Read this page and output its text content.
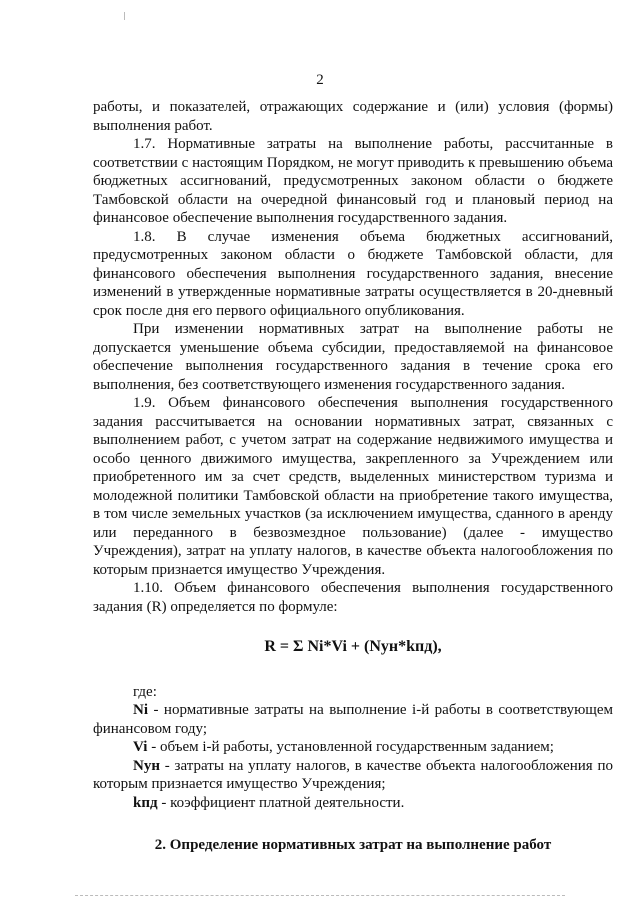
2

работы, и показателей, отражающих содержание и (или) условия (формы) выполнения работ.

1.7. Нормативные затраты на выполнение работы, рассчитанные в соответствии с настоящим Порядком, не могут приводить к превышению объема бюджетных ассигнований, предусмотренных законом области о бюджете Тамбовской области на очередной финансовый год и плановый период на финансовое обеспечение выполнения государственного задания.

1.8. В случае изменения объема бюджетных ассигнований, предусмотренных законом области о бюджете Тамбовской области, для финансового обеспечения выполнения государственного задания, внесение изменений в утвержденные нормативные затраты осуществляется в 20-дневный срок после дня его первого официального опубликования.

При изменении нормативных затрат на выполнение работы не допускается уменьшение объема субсидии, предоставляемой на финансовое обеспечение выполнения государственного задания в течение срока его выполнения, без соответствующего изменения государственного задания.

1.9. Объем финансового обеспечения выполнения государственного задания рассчитывается на основании нормативных затрат, связанных с выполнением работ, с учетом затрат на содержание недвижимого имущества и особо ценного движимого имущества, закрепленного за Учреждением или приобретенного им за счет средств, выделенных министерством туризма и молодежной политики Тамбовской области на приобретение такого имущества, в том числе земельных участков (за исключением имущества, сданного в аренду или переданного в безвозмездное пользование) (далее - имущество Учреждения), затрат на уплату налогов, в качестве объекта налогообложения по которым признается имущество Учреждения.

1.10. Объем финансового обеспечения выполнения государственного задания (R) определяется по формуле:

R = Σ Ni*Vi + (Nун*kпд),

где:

Ni - нормативные затраты на выполнение i-й работы в соответствующем финансовом году;

Vi - объем i-й работы, установленной государственным заданием;

Nун - затраты на уплату налогов, в качестве объекта налогообложения по которым признается имущество Учреждения;

kпд - коэффициент платной деятельности.

2. Определение нормативных затрат на выполнение работ
